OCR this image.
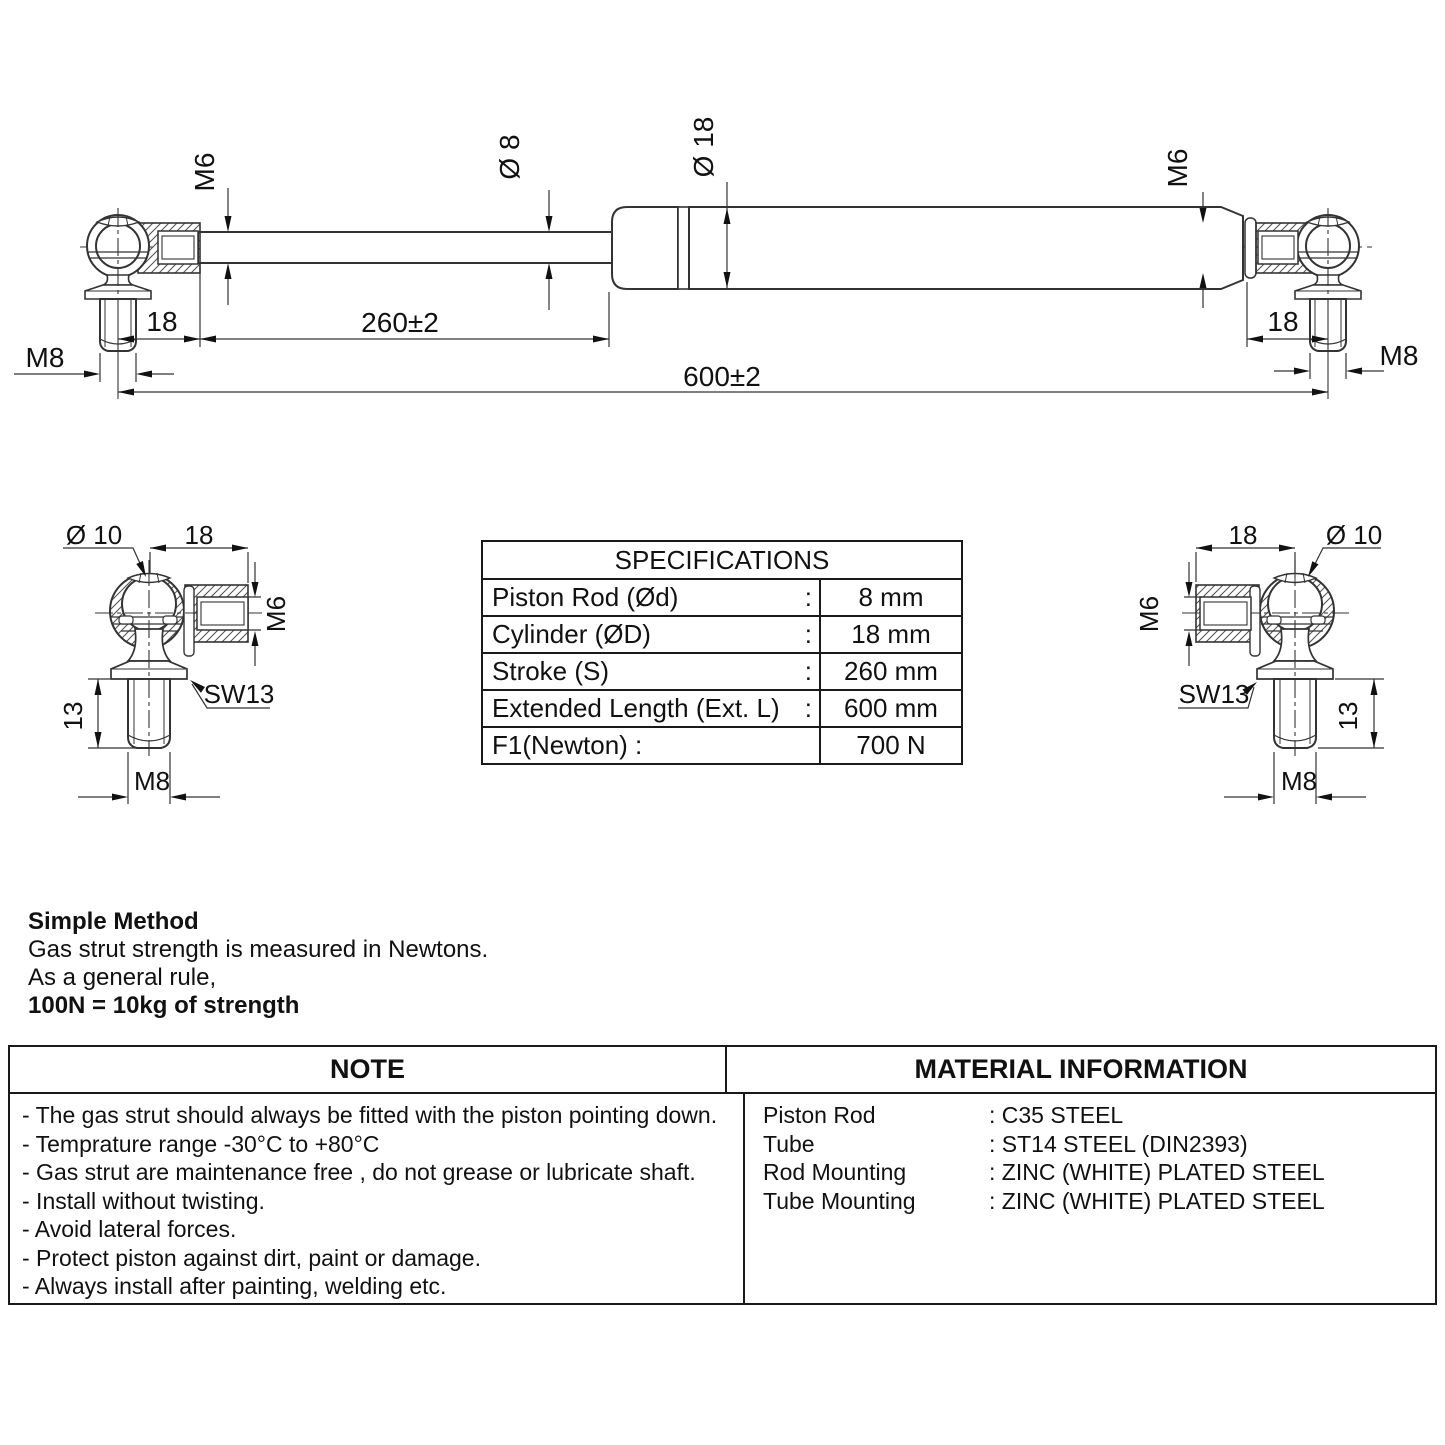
M6	Ø 8	Ø 18	M6
18	260±2
M8
600±2
18
M8
Ø 10 18
M6
SW13
13
M8
18	Ø 10
M6
SW13
13
M8
SPECIFICATIONS
Piston Rod (Ød)	:	8 mm
Cylinder (ØD)	:	18 mm
Stroke (S)	:	260 mm
Extended Length (Ext. L) :	600 mm
F1(Newton) :	700 N
Simple Method
Gas strut strength is measured in Newtons.
As a general rule,
100N = 10kg of strength
NOTE	MATERIAL INFORMATION
- The gas strut should always be fitted with the piston pointing down.
- Temprature range -30°C to +80°C
- Gas strut are maintenance free , do not grease or lubricate shaft.
- Install without twisting.
- Avoid lateral forces.
- Protect piston against dirt, paint or damage.
- Always install after painting, welding etc.
Piston Rod	: C35 STEEL
Tube	: ST14 STEEL (DIN2393)
Rod Mounting	: ZINC (WHITE) PLATED STEEL
Tube Mounting	: ZINC (WHITE) PLATED STEEL
